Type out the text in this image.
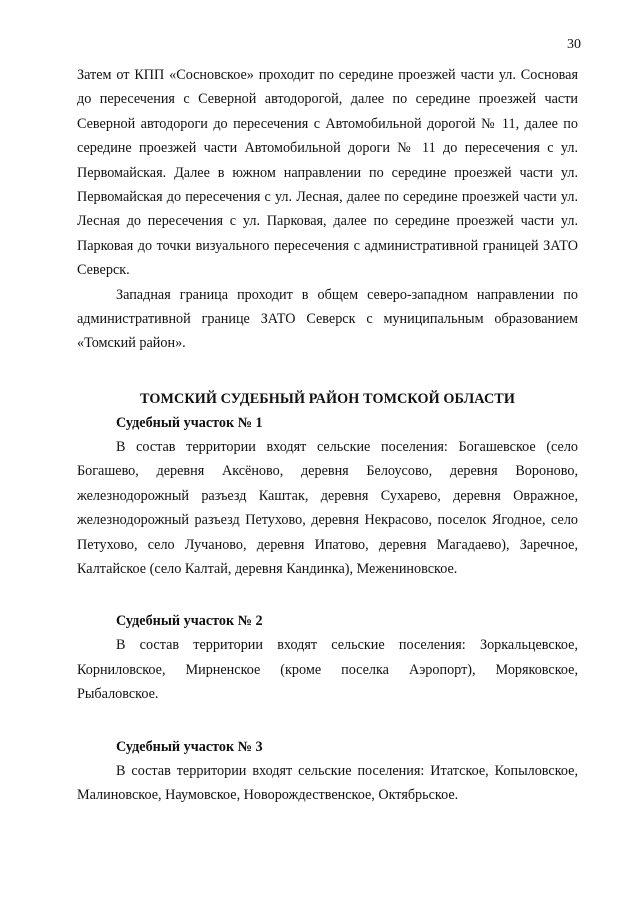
30

Затем от КПП «Сосновское» проходит по середине проезжей части ул. Сосновая до пересечения с Северной автодорогой, далее по середине проезжей части Северной автодороги до пересечения с Автомобильной дорогой № 11, далее по середине проезжей части Автомобильной дороги № 11 до пересечения с ул. Первомайская. Далее в южном направлении по середине проезжей части ул. Первомайская до пересечения с ул. Лесная, далее по середине проезжей части ул. Лесная до пересечения с ул. Парковая, далее по середине проезжей части ул. Парковая до точки визуального пересечения с административной границей ЗАТО Северск.

Западная граница проходит в общем северо-западном направлении по административной границе ЗАТО Северск с муниципальным образованием «Томский район».

ТОМСКИЙ СУДЕБНЫЙ РАЙОН ТОМСКОЙ ОБЛАСТИ
Судебный участок № 1

В состав территории входят сельские поселения: Богашевское (село Богашево, деревня Аксёново, деревня Белоусово, деревня Вороново, железнодорожный разъезд Каштак, деревня Сухарево, деревня Овражное, железнодорожный разъезд Петухово, деревня Некрасово, поселок Ягодное, село Петухово, село Лучаново, деревня Ипатово, деревня Магадаево), Заречное, Калтайское (село Калтай, деревня Кандинка), Межениновское.

Судебный участок № 2

В состав территории входят сельские поселения: Зоркальцевское, Корниловское, Мирненское (кроме поселка Аэропорт), Моряковское, Рыбаловское.

Судебный участок № 3

В состав территории входят сельские поселения: Итатское, Копыловское, Малиновское, Наумовское, Новорождественское, Октябрьское.
